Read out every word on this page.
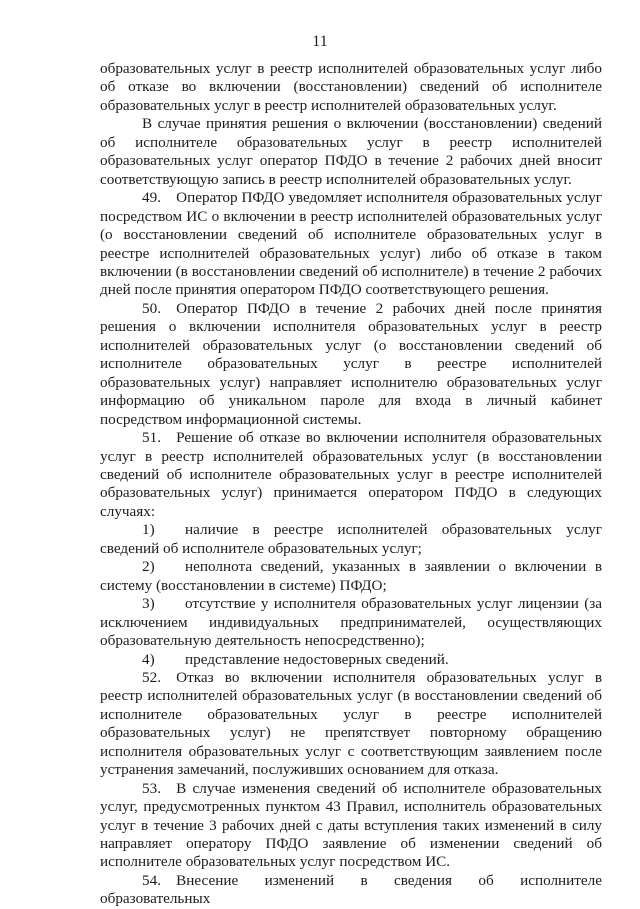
11

образовательных услуг в реестр исполнителей образовательных услуг либо об отказе во включении (восстановлении) сведений об исполнителе образовательных услуг в реестр исполнителей образовательных услуг.

В случае принятия решения о включении (восстановлении) сведений об исполнителе образовательных услуг в реестр исполнителей образовательных услуг оператор ПФДО в течение 2 рабочих дней вносит соответствующую запись в реестр исполнителей образовательных услуг.

49. Оператор ПФДО уведомляет исполнителя образовательных услуг посредством ИС о включении в реестр исполнителей образовательных услуг (о восстановлении сведений об исполнителе образовательных услуг в реестре исполнителей образовательных услуг) либо об отказе в таком включении (в восстановлении сведений об исполнителе) в течение 2 рабочих дней после принятия оператором ПФДО соответствующего решения.

50. Оператор ПФДО в течение 2 рабочих дней после принятия решения о включении исполнителя образовательных услуг в реестр исполнителей образовательных услуг (о восстановлении сведений об исполнителе образовательных услуг в реестре исполнителей образовательных услуг) направляет исполнителю образовательных услуг информацию об уникальном пароле для входа в личный кабинет посредством информационной системы.

51. Решение об отказе во включении исполнителя образовательных услуг в реестр исполнителей образовательных услуг (в восстановлении сведений об исполнителе образовательных услуг в реестре исполнителей образовательных услуг) принимается оператором ПФДО в следующих случаях:

1)  наличие в реестре исполнителей образовательных услуг сведений об исполнителе образовательных услуг;

2)  неполнота сведений, указанных в заявлении о включении в систему (восстановлении в системе) ПФДО;

3)  отсутствие у исполнителя образовательных услуг лицензии (за исключением индивидуальных предпринимателей, осуществляющих образовательную деятельность непосредственно);

4)  представление недостоверных сведений.

52. Отказ во включении исполнителя образовательных услуг в реестр исполнителей образовательных услуг (в восстановлении сведений об исполнителе образовательных услуг в реестре исполнителей образовательных услуг) не препятствует повторному обращению исполнителя образовательных услуг с соответствующим заявлением после устранения замечаний, послуживших основанием для отказа.

53. В случае изменения сведений об исполнителе образовательных услуг, предусмотренных пунктом 43 Правил, исполнитель образовательных услуг в течение 3 рабочих дней с даты вступления таких изменений в силу направляет оператору ПФДО заявление об изменении сведений об исполнителе образовательных услуг посредством ИС.

54. Внесение изменений в сведения об исполнителе образовательных
